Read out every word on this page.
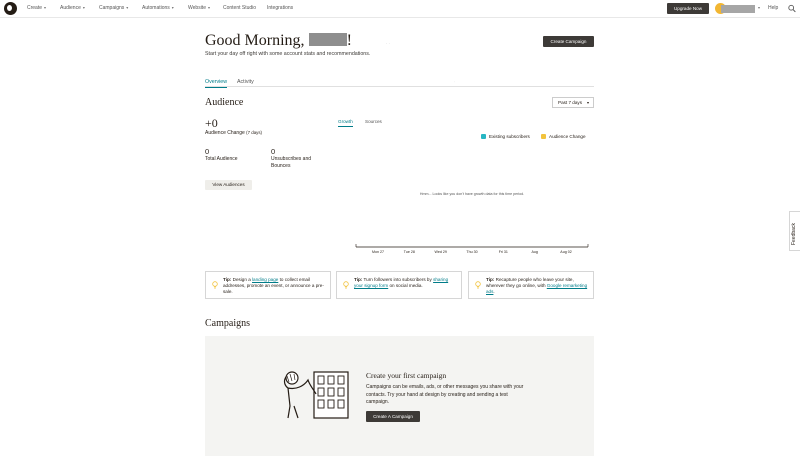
Create ▾	Audience ▾	Campaigns ▾	Automations ▾	Website ▾	Content Studio Integrations	Upgrade Now	▾ Help
Good Morning,	!
Start your day off right with some account stats and recommendations.
· ·	Create Campaign
Overview Activity	ˈ
Audience	Past 7 days ▾
+0
Audience Change (7 days)
0
Total Audience
0
Unsubscribes and
Bounces
View Audiences
Growth	Sources
Existing subscribers	Audience Change
Hmm... Looks like you don't have growth data for this time period.
Mon 27	Tue 28	Wed 29	Thu 30	Fri 31	Aug	Aug 02
Tip: Design a landing page to collect email addresses, promote an event, or announce a pre-sale.
Tip: Turn followers into subscribers by sharing your signup form on social media.
Tip: Recapture people who leave your site, wherever they go online, with Google remarketing ads.
Campaigns
Create your first campaign
Campaigns can be emails, ads, or other messages you share with your contacts. Try your hand at design by creating and sending a test campaign.
Create A Campaign
Feedback
